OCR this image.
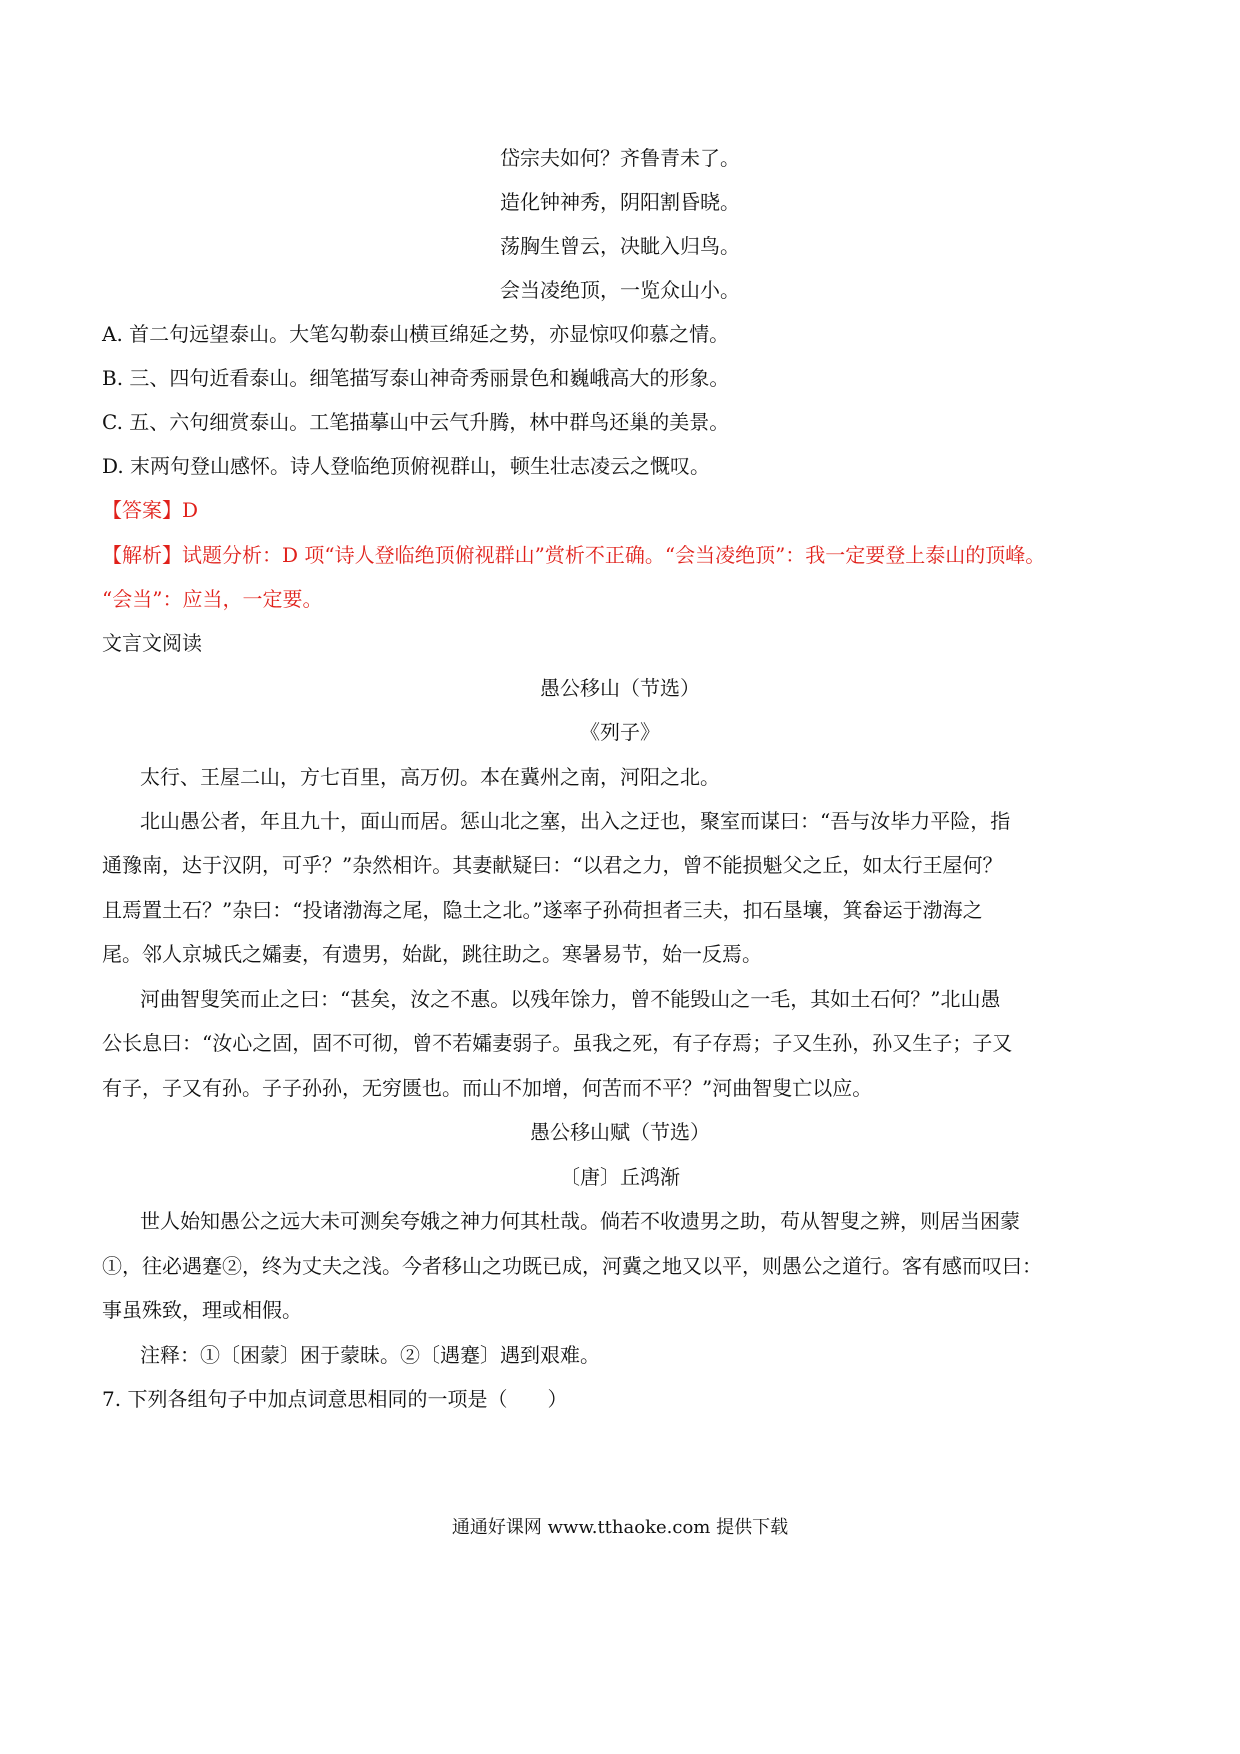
岱宗夫如何？齐鲁青未了。
造化钟神秀，阴阳割昏晓。
荡胸生曾云，决眦入归鸟。
会当凌绝顶，一览众山小。
A. 首二句远望泰山。大笔勾勒泰山横亘绵延之势，亦显惊叹仰慕之情。
B. 三、四句近看泰山。细笔描写泰山神奇秀丽景色和巍峨高大的形象。
C. 五、六句细赏泰山。工笔描摹山中云气升腾，林中群鸟还巢的美景。
D. 末两句登山感怀。诗人登临绝顶俯视群山，顿生壮志凌云之慨叹。
【答案】D
【解析】试题分析：D 项“诗人登临绝顶俯视群山”赏析不正确。“会当凌绝顶”：我一定要登上泰山的顶峰。
“会当”：应当，一定要。
文言文阅读
愚公移山（节选）
《列子》
太行、王屋二山，方七百里，高万仞。本在冀州之南，河阳之北。
北山愚公者，年且九十，面山而居。惩山北之塞，出入之迂也，聚室而谋曰：“吾与汝毕力平险，指
通豫南，达于汉阴，可乎？”杂然相许。其妻献疑曰：“以君之力，曾不能损魁父之丘，如太行王屋何？
且焉置土石？”杂曰：“投诸渤海之尾，隐土之北。”遂率子孙荷担者三夫，扣石垦壤，箕畚运于渤海之
尾。邻人京城氏之孀妻，有遗男，始龀，跳往助之。寒暑易节，始一反焉。
河曲智叟笑而止之曰：“甚矣，汝之不惠。以残年馀力，曾不能毁山之一毛，其如土石何？”北山愚
公长息曰：“汝心之固，固不可彻，曾不若孀妻弱子。虽我之死，有子存焉；子又生孙，孙又生子；子又
有子，子又有孙。子子孙孙，无穷匮也。而山不加增，何苦而不平？”河曲智叟亡以应。
愚公移山赋（节选）
〔唐〕丘鸿渐
世人始知愚公之远大未可测矣夸娥之神力何其杜哉。倘若不收遗男之助，苟从智叟之辨，则居当困蒙
①，往必遇蹇②，终为丈夫之浅。今者移山之功既已成，河冀之地又以平，则愚公之道行。客有感而叹曰：
事虽殊致，理或相假。
注释：①〔困蒙〕困于蒙昧。②〔遇蹇〕遇到艰难。
7. 下列各组句子中加点词意思相同的一项是（　　）
通通好课网 www.tthaoke.com 提供下载
